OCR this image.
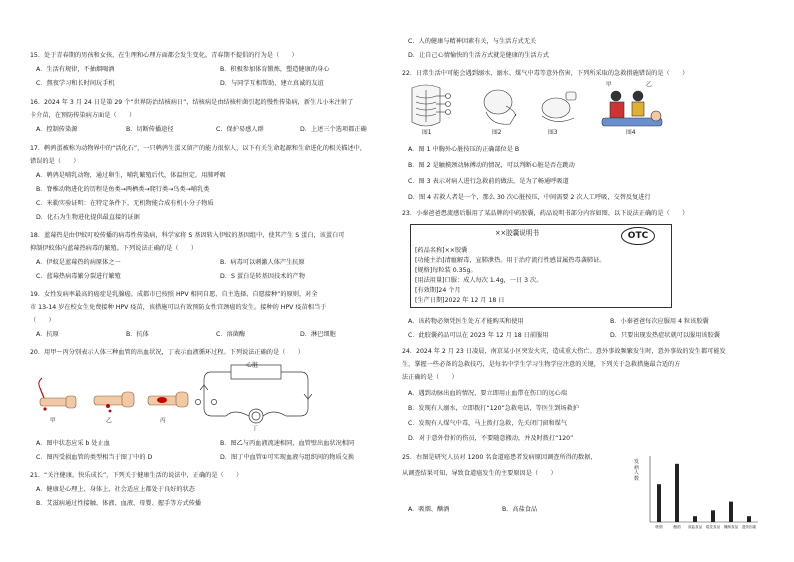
15．处于青春期的男孩和女孩，在生理和心理方面都会发生变化。青春期不提倡的行为是（　　）
A．生活有规律，不抽烟喝酒	B．积极参加体育锻炼，塑造健康的身心
C．熬夜学习和长时间玩手机	D．与同学互相帮助，建立真诚的友谊
16．2024 年 3 月 24 日是第 29 个“世界防治结核病日”，结核病是由结核杆菌引起的慢性传染病，新生儿小米注射了
卡介苗，在预防传染病方面是（　　）
A．控制传染源	B．切断传播途径	C．保护易感人群	D．上述三个选项都正确
17．鹌鹑蛋被称为动物界中的“活化石”，一只鹌鹑生蛋又留产的能力很惊人，以下有关生命起源和生命进化的相关描述中，
错误的是（　　）
A．鹌鹑是哺乳动物，通过卵生，哺乳繁殖后代，体温恒定，用肺呼吸
B．脊椎动物进化的历程是鱼类→两栖类→爬行类→鸟类→哺乳类
C．米勒实验证明：在特定条件下，无机物能合成有机小分子物质
D．化石为生物进化提供最直接的证据
18．蓝莓热是由伊蚊叮咬传播的病毒性传染病，科学家将 S 基因转入伊蚊的基因组中，使其产生 S 蛋白，该蛋白可
抑制伊蚊体内蓝莓热病毒的繁殖。下列说法正确的是（　　）
A．伊蚊是蓝莓热的病原体之一	B．病毒可以刺激人体产生抗原
C．蓝莓热病毒繁分裂进行繁殖	D．S 蛋白是转基因技术的产物
19．女性发病率最高的癌症是乳腺癌。成都市已按照 HPV 相同自愿、自主选择、自愿接种”的原则，对全
市 13-14 岁在校女生免费接种 HPV 疫苗，该措施可以有效预防女性宫颈癌的发生。接种的 HPV 疫苗相当于
（　　）
A．抗原	B．抗体	C．溶菌酶	D．淋巴细胞
20．用甲～丙分别表示人体三种血管的出血状况，丁表示血液循环过程。下列说法正确的是（　　）
心脏
甲	乙	丙
丁
A．图中状态应采 b 处止血	B．图乙与丙血液流速相同，血管壁出血状况相同
C．图丙受损血管的类型相当于图丁中的 D	D．图丁中血管①可实现血液与组织间的物质交换
21．“关注健康，快乐成长”，下列关于健康生活的说法中，正确的是（　　）
A．健康是心理上、身体上、社会适应上都处于良好的状态
B．艾滋病通过性接触、体液、血液、母婴、握手等方式传播
C．人的健康与精神因素有关，与生活方式无关
D．让自己心情愉快的生活方式就是健康的生活方式
22．日常生活中可能会遇到溺水、溺水、煤气中毒等意外伤害，下列所采取的急救措施错误的是（　　）
图1	图2	图3	图4
甲	乙
A．图 1 中胸外心脏按压的正确部位是 B
B．图 2 是触摸颈动脉搏动的情况，可以判断心脏是否在跳动
C．图 3 表示对病人进行急救前的做法，是为了畅通呼吸道
D．图 4 若救人者是一个，那么 30 次心脏按压，中间需要 2 次人工呼吸，交替反复进行
23．小秦爸爸患流感后服用了某品牌的中药胶囊，药品说明书部分内容如图，以下说法正确的是（　　）
××胶囊说明书	OTC
[药品名称]××胶囊
[功能主治]清瘟解毒，宣肺泄热。用于治疗流行性感冒属热毒袭肺证。
[规格]每粒装 0.35g。
[用法用量]口服：成人每次 1.4g，一日 3 次。
[有效期]24 个月
[生产日期]2022 年 12 月 18 日
A．该药物必须凭医生处方才能购买和使用	B．小秦爸爸每次应服用 4 粒该胶囊
C．此胶囊药品可以在 2023 年 12 月 18 日前服用	D．只要出现发热症状就可以服用该胶囊
24．2024 年 2 月 23 日凌晨，南京某小区突发火灾，造成重大伤亡。意外事故频繁发生时，意外事故的发生都可能发
生，掌握一些必备的急救技巧，是每名中学生学习生物学应注意的关键，下列关于急救措施最合适的方
法正确的是（　　）
A．遇到动脉出血的情况，要立即用止血带在伤口的远心端
B．发现有人溺水，立即拨打“120”急救电话，等医生到场救护
C．发现有人煤气中毒，马上拨打急救，先关闭门窗和煤气
D．对于意外骨折的伤员，不要随意搬动，并及时拨打“120”
25．右图是研究人员对 1200 名食道癌患者发病原因调查所得的数据，
从调查结果可知，导致食道癌发生的主要原因是（　　）
A．吸烟、酗酒	B．高盐食品
吸烟	酗酒 高盐食品 霉变食品 腌制食品 遗传因素
发病人数
